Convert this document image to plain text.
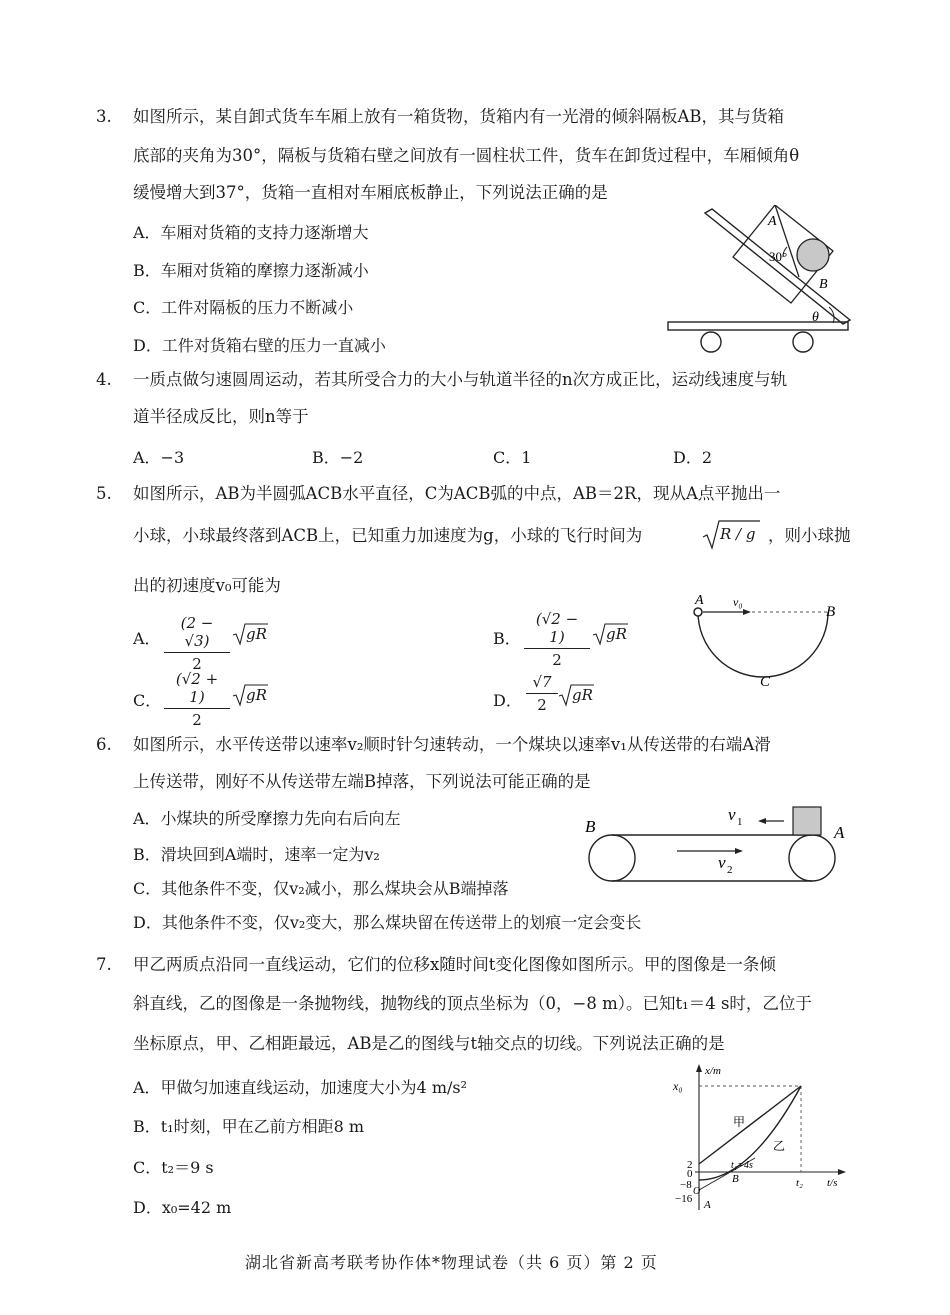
3. 如图所示，某自卸式货车车厢上放有一箱货物，货箱内有一光滑的倾斜隔板AB，其与货箱
底部的夹角为30°，隔板与货箱右壁之间放有一圆柱状工件，货车在卸货过程中，车厢倾角θ
缓慢增大到37°，货箱一直相对车厢底板静止，下列说法正确的是
A．车厢对货箱的支持力逐渐增大
B．车厢对货箱的摩擦力逐渐减小
C．工件对隔板的压力不断减小
D．工件对货箱右壁的压力一直减小
A
30°
B
θ
4. 一质点做匀速圆周运动，若其所受合力的大小与轨道半径的n次方成正比，运动线速度与轨
道半径成反比，则n等于
A．−3	B．−2	C．1	D．2
5. 如图所示，AB为半圆弧ACB水平直径，C为ACB弧的中点，AB＝2R，现从A点平抛出一
小球，小球最终落到ACB上，已知重力加速度为g，小球的飞行时间为	R / g ，则小球抛
出的初速度v₀可能为
A． $\frac{(2 - √3)}{2}$ gR	B． $\frac{(√2 - 1)}{2}$ gR
C． $\frac{(√2 + 1)}{2}$ gR	D． $\frac{√7}{2}$ gR
A v₀
B
C
6. 如图所示，水平传送带以速率v₂顺时针匀速转动，一个煤块以速率v₁从传送带的右端A滑
上传送带，刚好不从传送带左端B掉落，下列说法可能正确的是
A．小煤块的所受摩擦力先向右后向左
B．滑块回到A端时，速率一定为v₂
C．其他条件不变，仅v₂减小，那么煤块会从B端掉落
D．其他条件不变，仅v₂变大，那么煤块留在传送带上的划痕一定会变长
B	A
v 1
v 2
7. 甲乙两质点沿同一直线运动，它们的位移x随时间t变化图像如图所示。甲的图像是一条倾
斜直线，乙的图像是一条抛物线，抛物线的顶点坐标为（0，−8 m）。已知t₁＝4 s时，乙位于
坐标原点，甲、乙相距最远，AB是乙的图线与t轴交点的切线。下列说法正确的是
A．甲做匀加速直线运动，加速度大小为4 m/s²
B．t₁时刻，甲在乙前方相距8 m
C．t₂＝9 s
D．x₀=42 m
x₀
x/m
t/s
2
0
−8
−16
O
甲
乙
t₁=4s
t₂
B
A
湖北省新高考联考协作体*物理试卷（共 6 页）第 2 页
